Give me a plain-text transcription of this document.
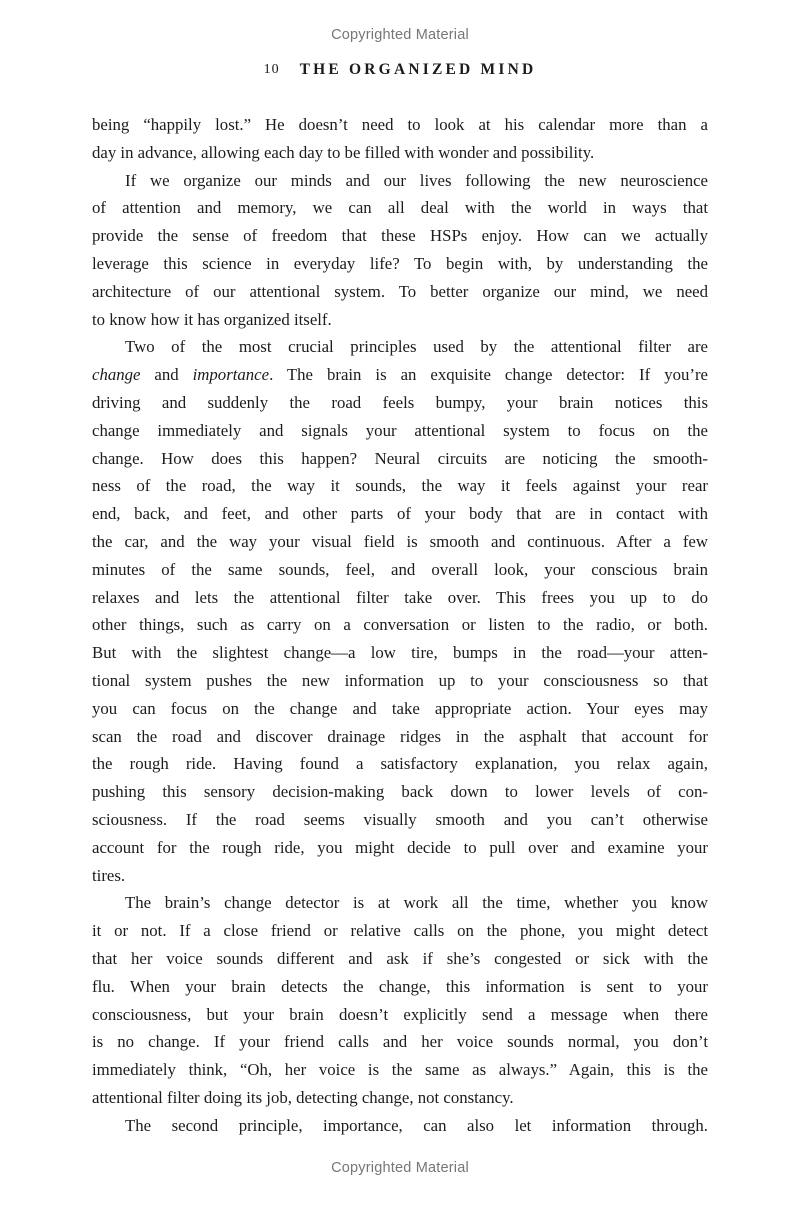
Copyrighted Material
10 THE ORGANIZED MIND
being “happily lost.” He doesn’t need to look at his calendar more than a
day in advance, allowing each day to be filled with wonder and possibility.
If we organize our minds and our lives following the new neuroscience
of attention and memory, we can all deal with the world in ways that
provide the sense of freedom that these HSPs enjoy. How can we actually
leverage this science in everyday life? To begin with, by understanding the
architecture of our attentional system. To better organize our mind, we need
to know how it has organized itself.
Two of the most crucial principles used by the attentional filter are
change and importance. The brain is an exquisite change detector: If you’re
driving and suddenly the road feels bumpy, your brain notices this
change immediately and signals your attentional system to focus on the
change. How does this happen? Neural circuits are noticing the smooth-
ness of the road, the way it sounds, the way it feels against your rear
end, back, and feet, and other parts of your body that are in contact with
the car, and the way your visual field is smooth and continuous. After a few
minutes of the same sounds, feel, and overall look, your conscious brain
relaxes and lets the attentional filter take over. This frees you up to do
other things, such as carry on a conversation or listen to the radio, or both.
But with the slightest change—a low tire, bumps in the road—your atten-
tional system pushes the new information up to your consciousness so that
you can focus on the change and take appropriate action. Your eyes may
scan the road and discover drainage ridges in the asphalt that account for
the rough ride. Having found a satisfactory explanation, you relax again,
pushing this sensory decision-making back down to lower levels of con-
sciousness. If the road seems visually smooth and you can’t otherwise
account for the rough ride, you might decide to pull over and examine your
tires.
The brain’s change detector is at work all the time, whether you know
it or not. If a close friend or relative calls on the phone, you might detect
that her voice sounds different and ask if she’s congested or sick with the
flu. When your brain detects the change, this information is sent to your
consciousness, but your brain doesn’t explicitly send a message when there
is no change. If your friend calls and her voice sounds normal, you don’t
immediately think, “Oh, her voice is the same as always.” Again, this is the
attentional filter doing its job, detecting change, not constancy.
The second principle, importance, can also let information through.
Copyrighted Material
